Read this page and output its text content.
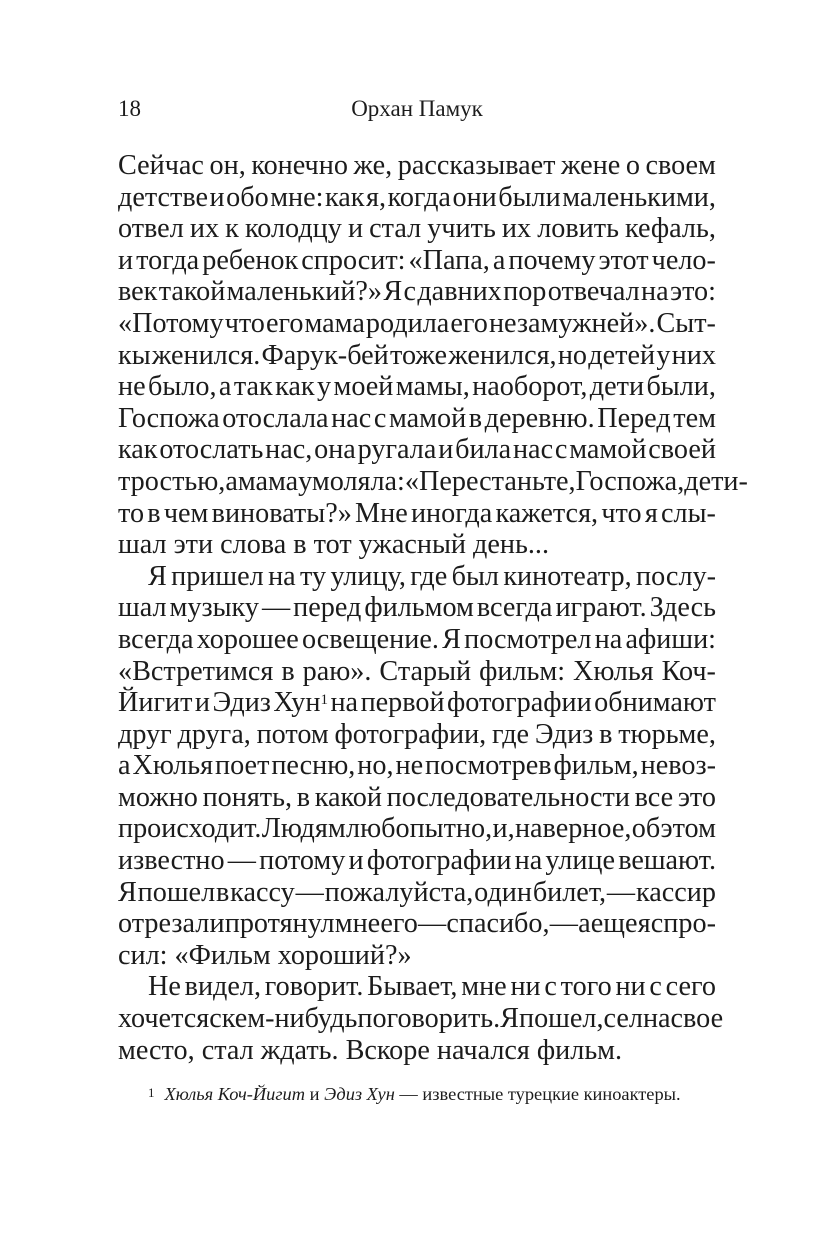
18	Орхан Памук
Сейчас он, конечно же, рассказывает жене о своем
детстве и обо мне: как я, когда они были маленькими,
отвел их к колодцу и стал учить их ловить кефаль,
и тогда ребенок спросит: «Папа, а почему этот чело-
век такой маленький?» Я с давних пор отвечал на это:
«Потому что его мама родила его незамужней». Сыт-
кы женился. Фарук-бей тоже женился, но детей у них
не было, а так как у моей мамы, наоборот, дети были,
Госпожа отослала нас с мамой в деревню. Перед тем
как отослать нас, она ругала и била нас с мамой своей
тростью, а мама умоляла: «Перестаньте, Госпожа, дети-
то в чем виноваты?» Мне иногда кажется, что я слы-
шал эти слова в тот ужасный день...
Я пришел на ту улицу, где был кинотеатр, послу-
шал музыку — перед фильмом всегда играют. Здесь
всегда хорошее освещение. Я посмотрел на афиши:
«Встретимся в раю». Старый фильм: Хюлья Коч-
Йигит и Эдиз Хун$^1$ на первой фотографии обнимают
друг друга, потом фотографии, где Эдиз в тюрьме,
а Хюлья поет песню, но, не посмотрев фильм, невоз-
можно понять, в какой последовательности все это
происходит. Людям любопытно, и, наверное, об этом
известно — потому и фотографии на улице вешают.
Я пошел в кассу — пожалуйста, один билет, — кассир
отрезал и протянул мне его — спасибо, — а еще я спро-
сил: «Фильм хороший?»
Не видел, говорит. Бывает, мне ни с того ни с сего
хочется с кем-нибудь поговорить. Я пошел, сел на свое
место, стал ждать. Вскоре начался фильм.
$^1$ Хюлья Коч-Йигит и Эдиз Хун — известные турецкие киноактеры.
